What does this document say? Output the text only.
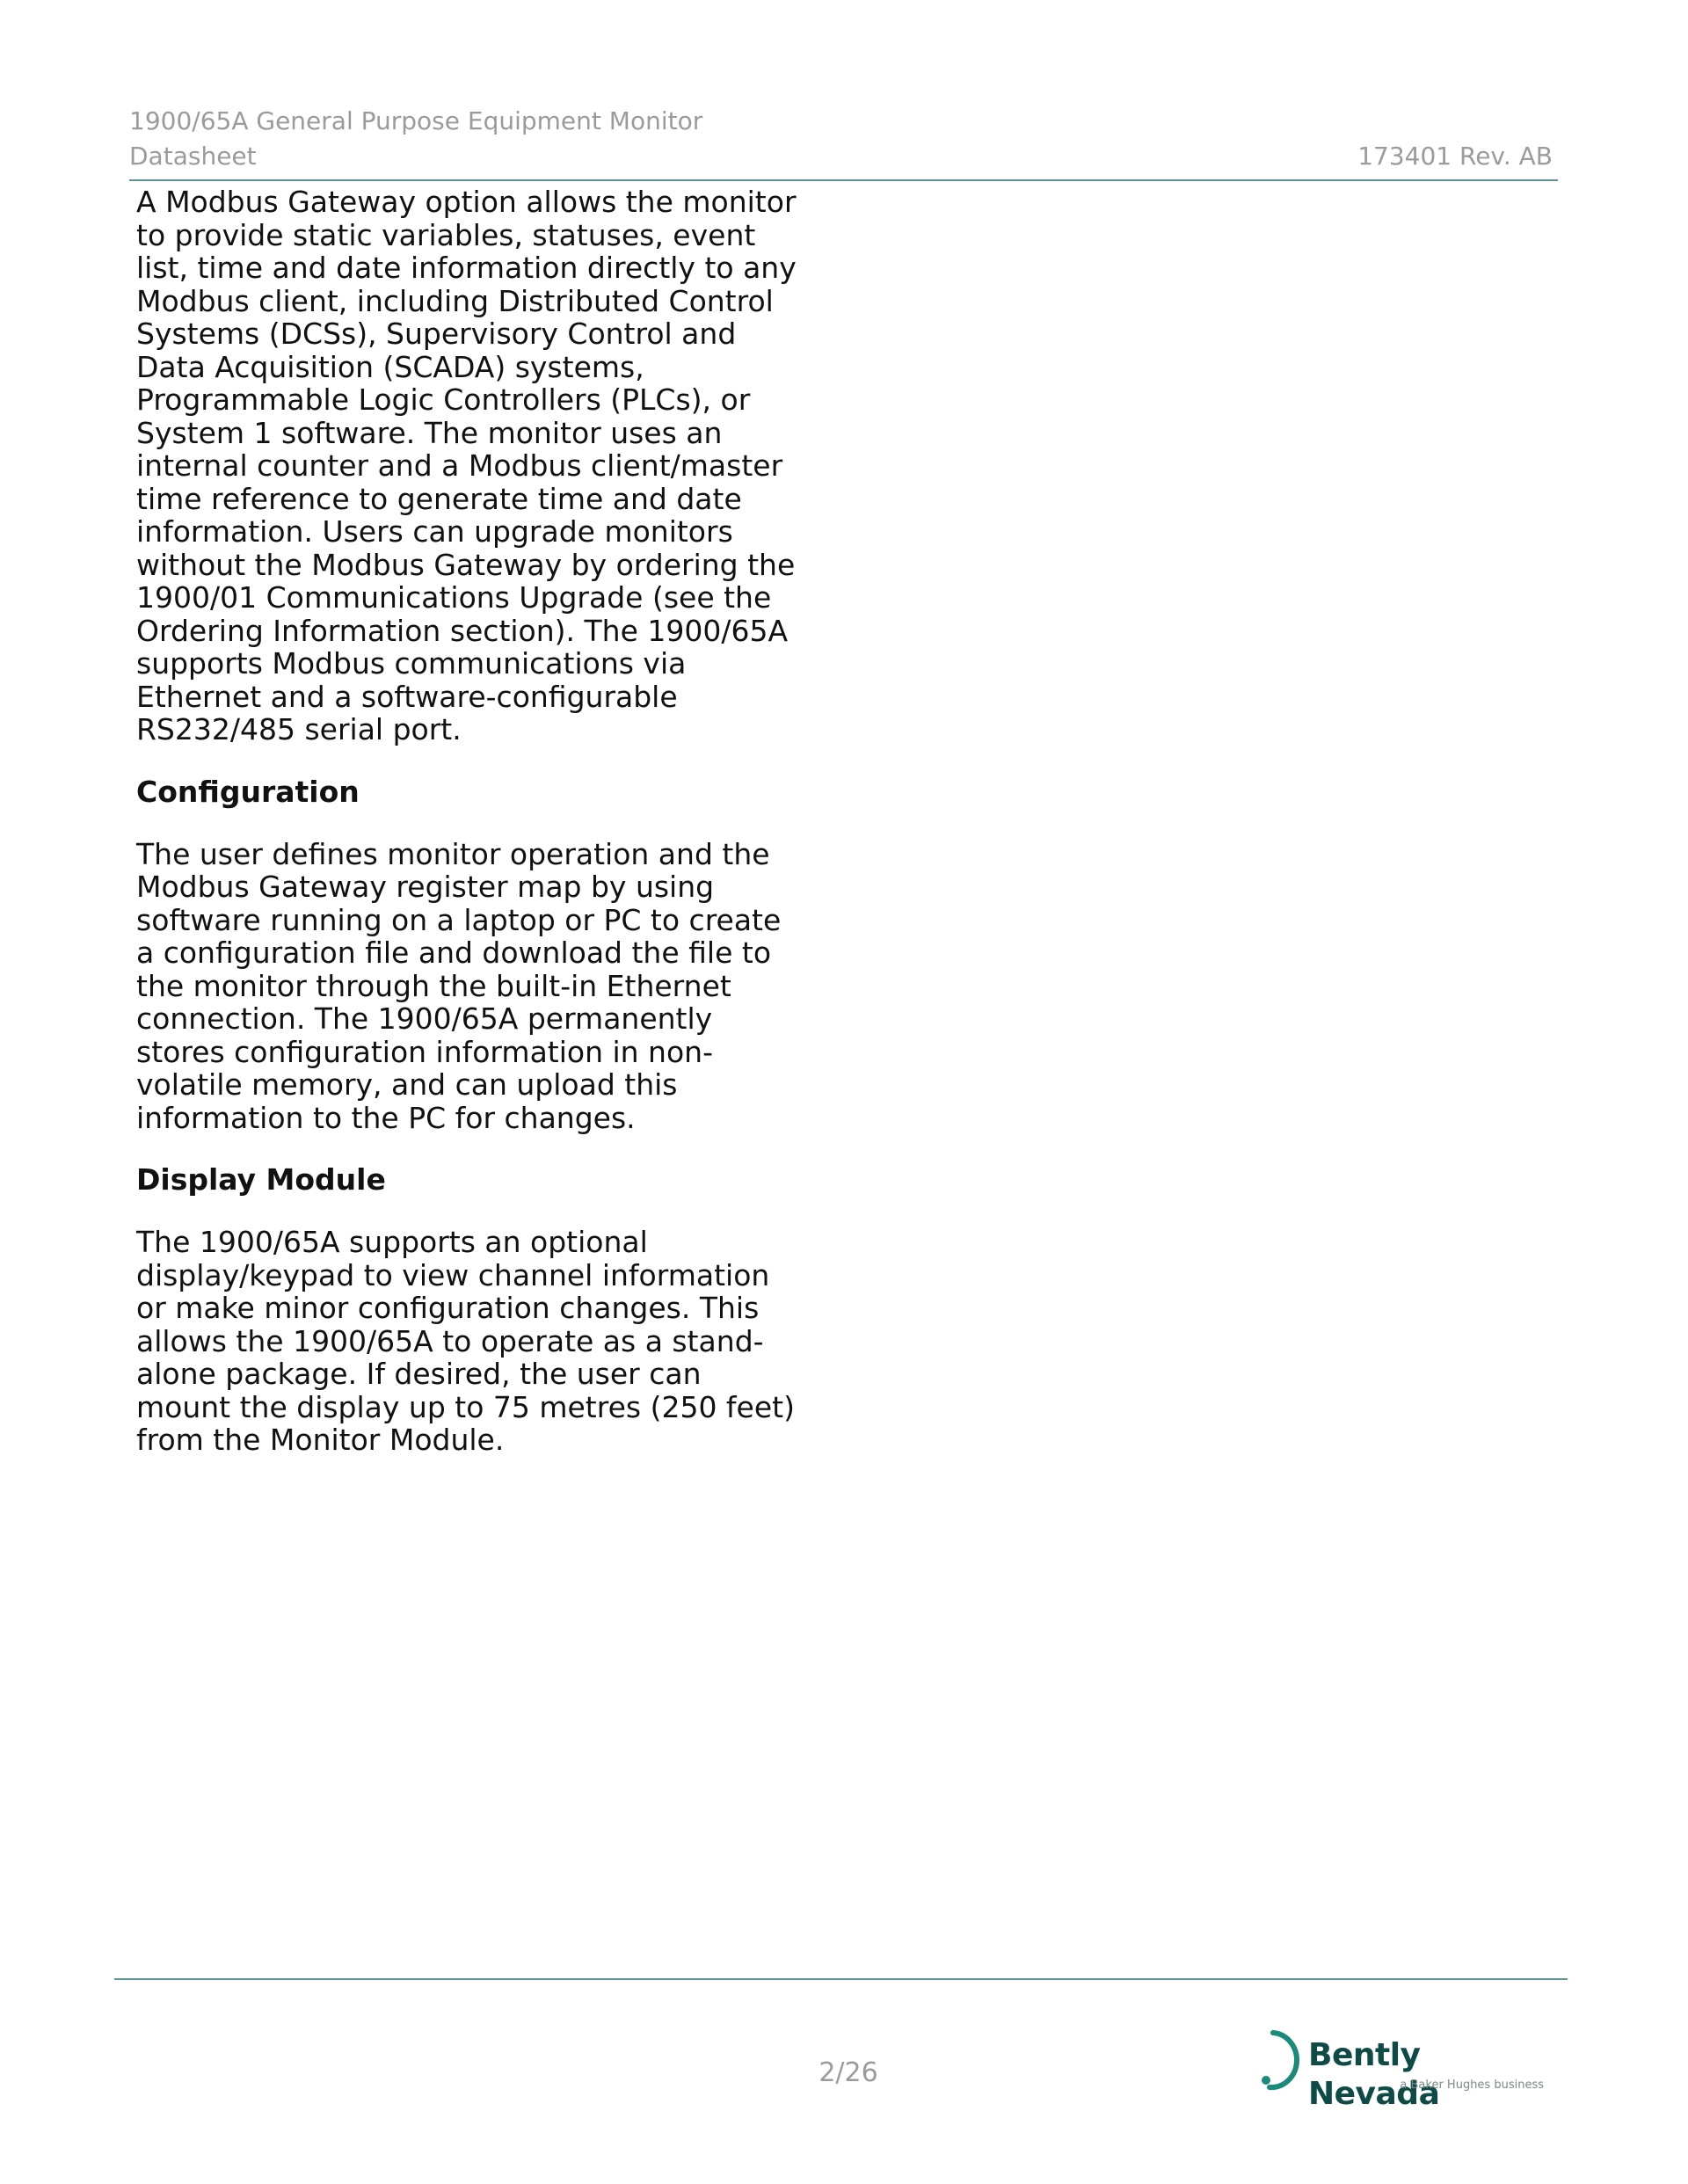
1900/65A General Purpose Equipment Monitor
Datasheet	173401 Rev. AB

A Modbus Gateway option allows the monitor to provide static variables, statuses, event list, time and date information directly to any Modbus client, including Distributed Control Systems (DCSs), Supervisory Control and Data Acquisition (SCADA) systems, Programmable Logic Controllers (PLCs), or System 1 software. The monitor uses an internal counter and a Modbus client/master time reference to generate time and date information. Users can upgrade monitors without the Modbus Gateway by ordering the 1900/01 Communications Upgrade (see the Ordering Information section). The 1900/65A supports Modbus communications via Ethernet and a software-configurable RS232/485 serial port.

Configuration

The user defines monitor operation and the Modbus Gateway register map by using software running on a laptop or PC to create a configuration file and download the file to the monitor through the built-in Ethernet connection. The 1900/65A permanently stores configuration information in non-volatile memory, and can upload this information to the PC for changes.

Display Module

The 1900/65A supports an optional display/keypad to view channel information or make minor configuration changes. This allows the 1900/65A to operate as a stand-alone package. If desired, the user can mount the display up to 75 metres (250 feet) from the Monitor Module.

2/26	Bently Nevada
a Baker Hughes business
